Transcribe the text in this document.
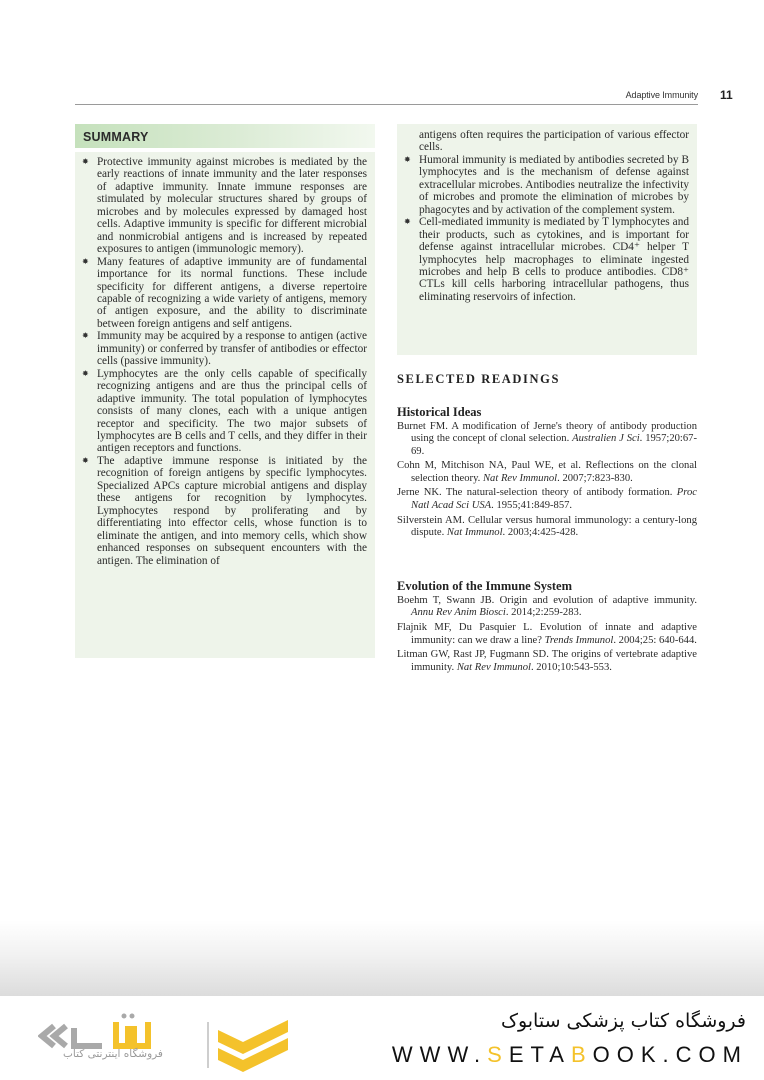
Adaptive Immunity 11
SUMMARY
✸ Protective immunity against microbes is mediated by the early reactions of innate immunity and the later responses of adaptive immunity. Innate immune responses are stimulated by molecular structures shared by groups of microbes and by molecules expressed by damaged host cells. Adaptive immunity is specific for different microbial and nonmicrobial antigens and is increased by repeated exposures to antigen (immunologic memory).
✸ Many features of adaptive immunity are of fundamental importance for its normal functions. These include specificity for different antigens, a diverse repertoire capable of recognizing a wide variety of antigens, memory of antigen exposure, and the ability to discriminate between foreign antigens and self antigens.
✸ Immunity may be acquired by a response to antigen (active immunity) or conferred by transfer of antibodies or effector cells (passive immunity).
✸ Lymphocytes are the only cells capable of specifically recognizing antigens and are thus the principal cells of adaptive immunity. The total population of lymphocytes consists of many clones, each with a unique antigen receptor and specificity. The two major subsets of lymphocytes are B cells and T cells, and they differ in their antigen receptors and functions.
✸ The adaptive immune response is initiated by the recognition of foreign antigens by specific lymphocytes. Specialized APCs capture microbial antigens and display these antigens for recognition by lymphocytes. Lymphocytes respond by proliferating and by differentiating into effector cells, whose function is to eliminate the antigen, and into memory cells, which show enhanced responses on subsequent encounters with the antigen. The elimination of

antigens often requires the participation of various effector cells.

✸ Humoral immunity is mediated by antibodies secreted by B lymphocytes and is the mechanism of defense against extracellular microbes. Antibodies neutralize the infectivity of microbes and promote the elimination of microbes by phagocytes and by activation of the complement system.
✸ Cell-mediated immunity is mediated by T lymphocytes and their products, such as cytokines, and is important for defense against intracellular microbes. CD4⁺ helper T lymphocytes help macrophages to eliminate ingested microbes and help B cells to produce antibodies. CD8⁺ CTLs kill cells harboring intracellular pathogens, thus eliminating reservoirs of infection.
SELECTED READINGS
Historical Ideas

Burnet FM. A modification of Jerne's theory of antibody production using the concept of clonal selection. Australien J Sci. 1957;20:67-69.

Cohn M, Mitchison NA, Paul WE, et al. Reflections on the clonal selection theory. Nat Rev Immunol. 2007;7:823-830.

Jerne NK. The natural-selection theory of antibody formation. Proc Natl Acad Sci USA. 1955;41:849-857.

Silverstein AM. Cellular versus humoral immunology: a century-long dispute. Nat Immunol. 2003;4:425-428.

Evolution of the Immune System

Boehm T, Swann JB. Origin and evolution of adaptive immunity. Annu Rev Anim Biosci. 2014;2:259-283.

Flajnik MF, Du Pasquier L. Evolution of innate and adaptive immunity: can we draw a line? Trends Immunol. 2004;25: 640-644.

Litman GW, Rast JP, Fugmann SD. The origins of vertebrate adaptive immunity. Nat Rev Immunol. 2010;10:543-553.

فروشگاه اینترنتی کتاب
فروشگاه کتاب پزشکی ستابوک
WWW.SETABOOK.COM
